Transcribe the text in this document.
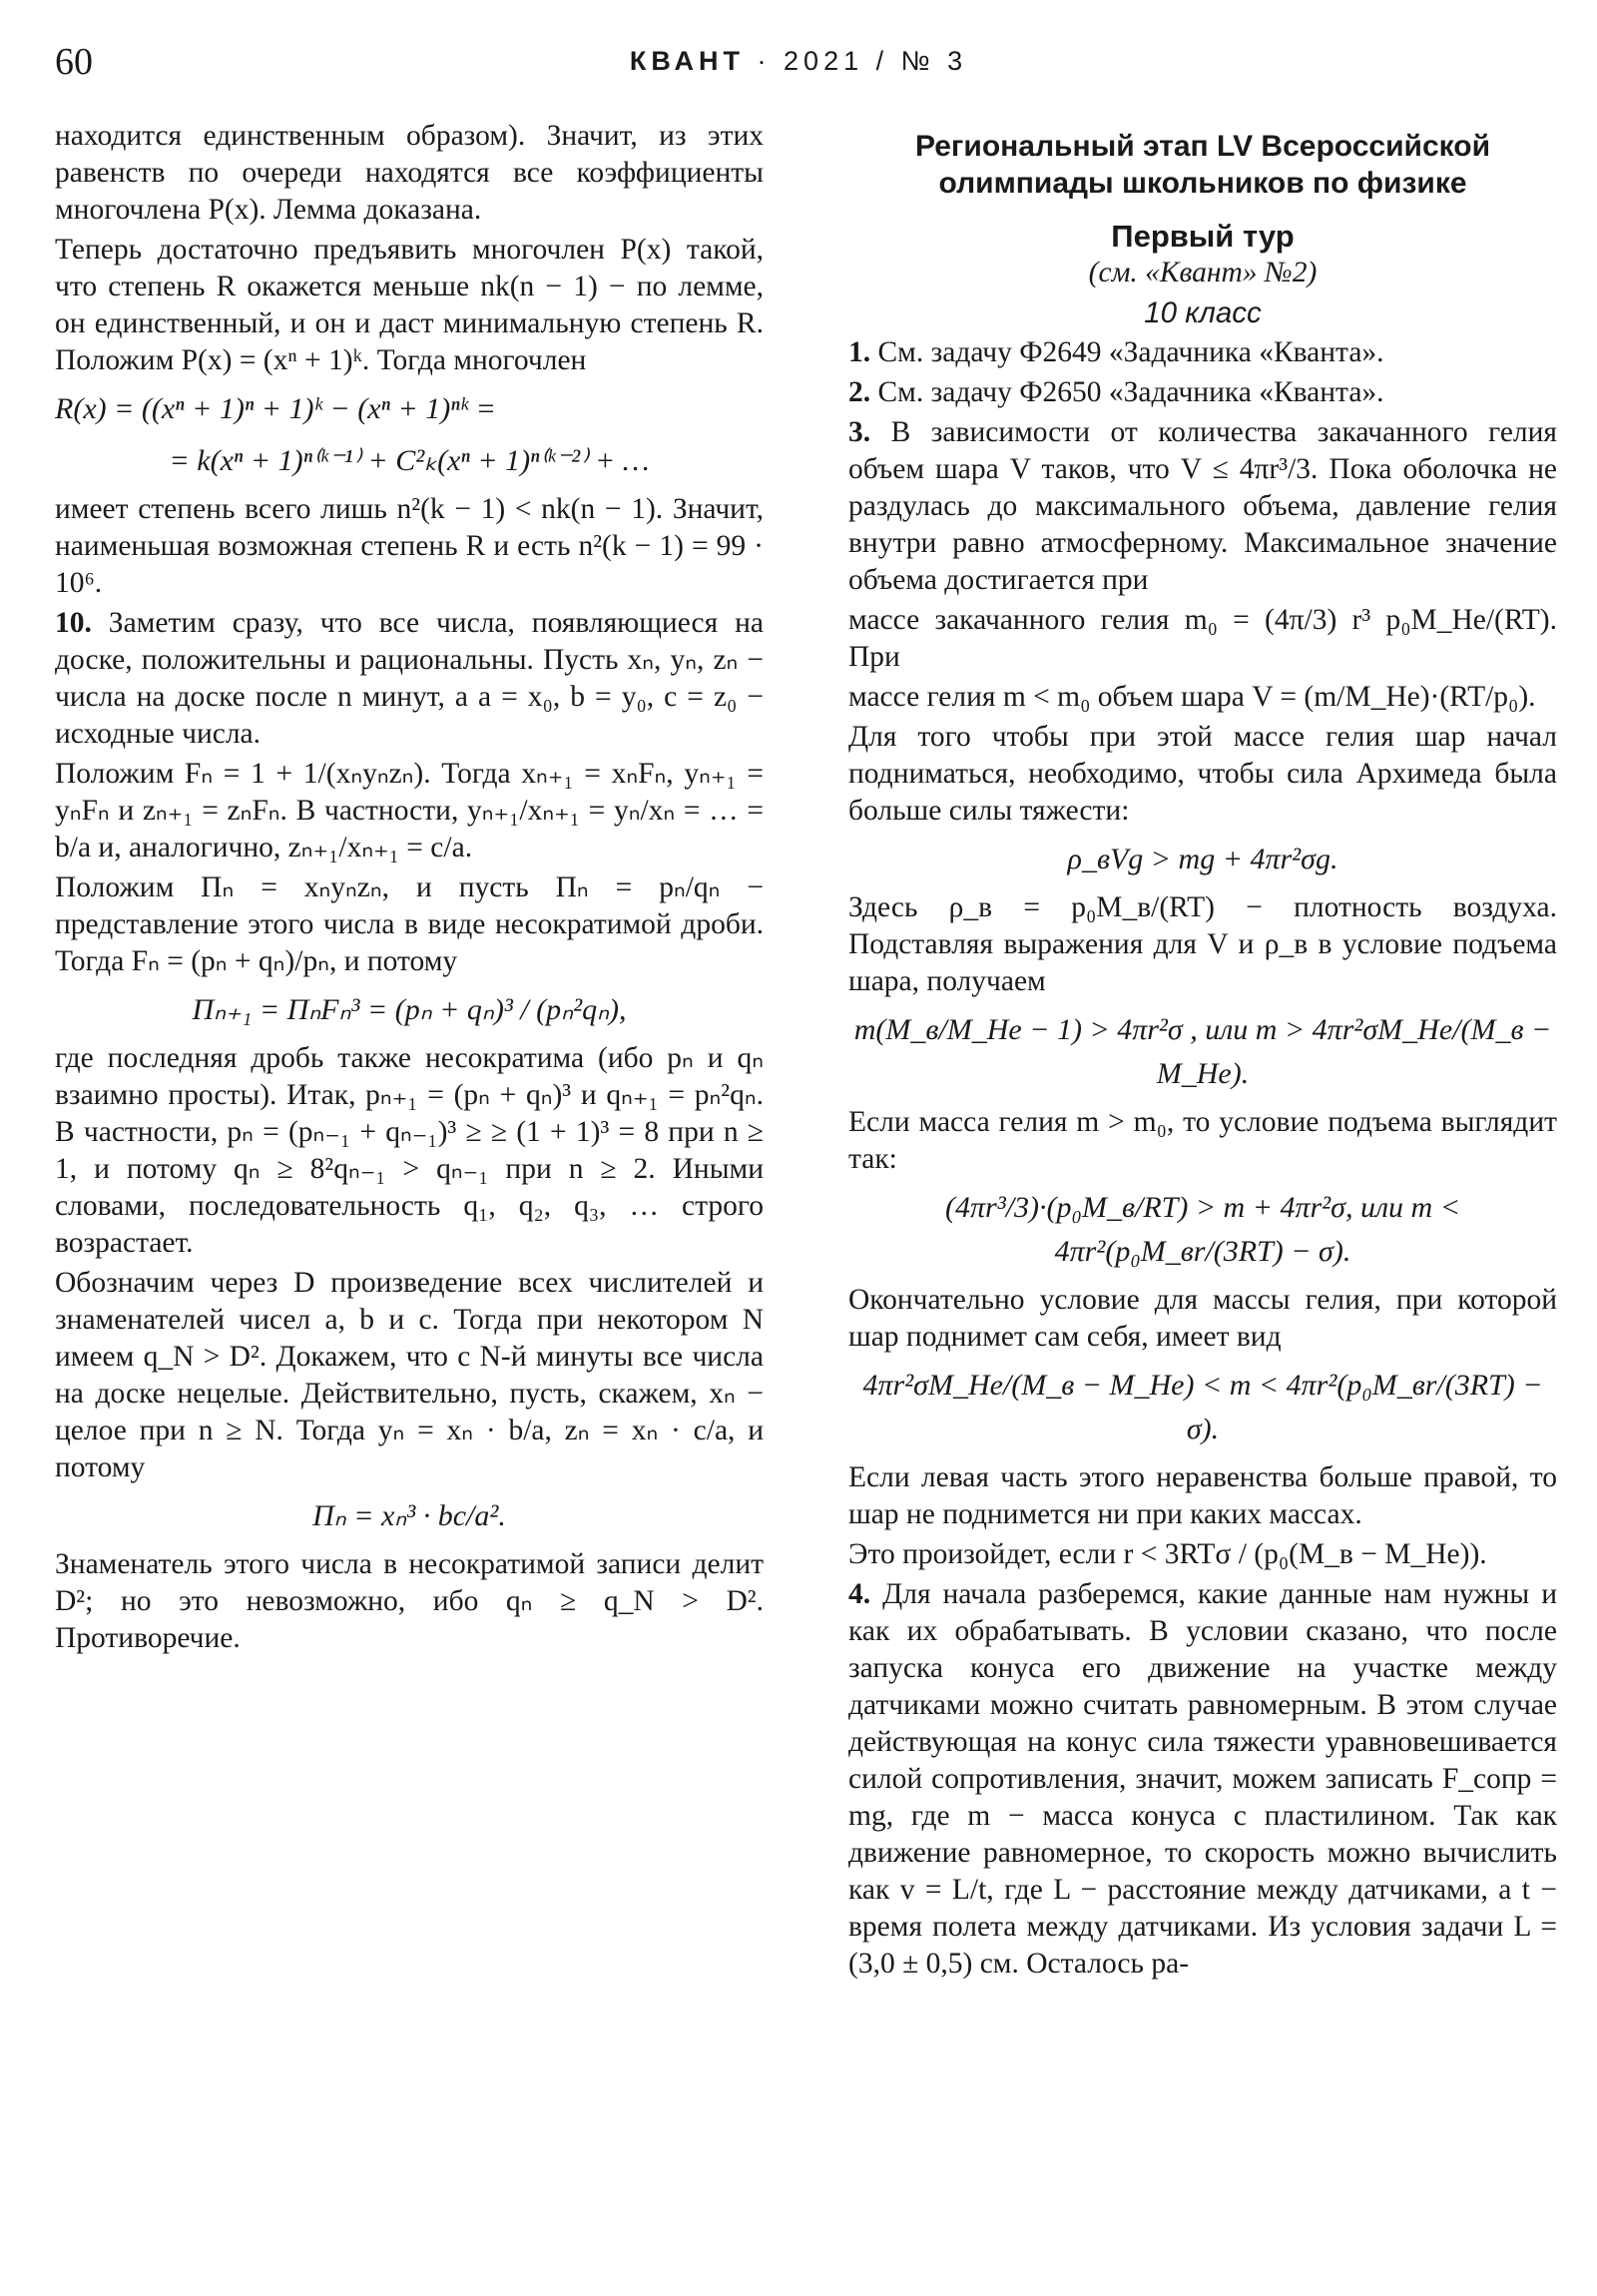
60	КВАНТ · 2021 / № 3

находится единственным образом). Значит, из этих равенств по очереди находятся все коэффициенты многочлена P(x). Лемма доказана.

Теперь достаточно предъявить многочлен P(x) такой, что степень R окажется меньше nk(n − 1) − по лемме, он единственный, и он и даст минимальную степень R. Положим P(x) = (xⁿ + 1)ᵏ. Тогда многочлен

R(x) = ((xⁿ + 1)ⁿ + 1)ᵏ − (xⁿ + 1)ⁿᵏ =
= k(xⁿ + 1)ⁿ⁽ᵏ⁻¹⁾ + C²ₖ(xⁿ + 1)ⁿ⁽ᵏ⁻²⁾ + …

имеет степень всего лишь n²(k − 1) < nk(n − 1). Значит, наименьшая возможная степень R и есть n²(k − 1) = 99 · 10⁶.

10. Заметим сразу, что все числа, появляющиеся на доске, положительны и рациональны. Пусть xₙ, yₙ, zₙ − числа на доске после n минут, а a = x₀, b = y₀, c = z₀ − исходные числа.

Положим Fₙ = 1 + 1/(xₙyₙzₙ). Тогда xₙ₊₁ = xₙFₙ, yₙ₊₁ = yₙFₙ и zₙ₊₁ = zₙFₙ. В частности, yₙ₊₁/xₙ₊₁ = yₙ/xₙ = … = b/a и, аналогично, zₙ₊₁/xₙ₊₁ = c/a.

Положим Πₙ = xₙyₙzₙ, и пусть Πₙ = pₙ/qₙ − представление этого числа в виде несократимой дроби. Тогда Fₙ = (pₙ + qₙ)/pₙ, и потому

Πₙ₊₁ = ΠₙFₙ³ = (pₙ + qₙ)³ / (pₙ²qₙ),

где последняя дробь также несократима (ибо pₙ и qₙ взаимно просты). Итак, pₙ₊₁ = (pₙ + qₙ)³ и qₙ₊₁ = pₙ²qₙ. В частности, pₙ = (pₙ₋₁ + qₙ₋₁)³ ≥ ≥ (1 + 1)³ = 8 при n ≥ 1, и потому qₙ ≥ 8²qₙ₋₁ > qₙ₋₁ при n ≥ 2. Иными словами, последовательность q₁, q₂, q₃, … строго возрастает.

Обозначим через D произведение всех числителей и знаменателей чисел a, b и c. Тогда при некотором N имеем q_N > D². Докажем, что с N-й минуты все числа на доске нецелые. Действительно, пусть, скажем, xₙ − целое при n ≥ N. Тогда yₙ = xₙ · b/a, zₙ = xₙ · c/a, и потому

Πₙ = xₙ³ · bc/a².

Знаменатель этого числа в несократимой записи делит D²; но это невозможно, ибо qₙ ≥ q_N > D². Противоречие.

Региональный этап LV Всероссийской олимпиады школьников по физике
Первый тур

(см. «Квант» №2)

10 класс

1. См. задачу Ф2649 «Задачника «Кванта».

2. См. задачу Ф2650 «Задачника «Кванта».

3. В зависимости от количества закачанного гелия объем шара V таков, что V ≤ 4πr³/3. Пока оболочка не раздулась до максимального объема, давление гелия внутри равно атмосферному. Максимальное значение объема достигается при

массе закачанного гелия m₀ = (4π/3) r³ p₀M_He/(RT). При

массе гелия m < m₀ объем шара V = (m/M_He)·(RT/p₀).

Для того чтобы при этой массе гелия шар начал подниматься, необходимо, чтобы сила Архимеда была больше силы тяжести:

ρ_вVg > mg + 4πr²σg.

Здесь ρ_в = p₀M_в/(RT) − плотность воздуха. Подставляя выражения для V и ρ_в в условие подъема шара, получаем

m(M_в/M_He − 1) > 4πr²σ , или m > 4πr²σM_He/(M_в − M_He).

Если масса гелия m > m₀, то условие подъема выглядит так:

(4πr³/3)·(p₀M_в/RT) > m + 4πr²σ, или m < 4πr²(p₀M_вr/(3RT) − σ).

Окончательно условие для массы гелия, при которой шар поднимет сам себя, имеет вид

4πr²σM_He/(M_в − M_He) < m < 4πr²(p₀M_вr/(3RT) − σ).

Если левая часть этого неравенства больше правой, то шар не поднимется ни при каких массах.

Это произойдет, если r < 3RTσ / (p₀(M_в − M_He)).

4. Для начала разберемся, какие данные нам нужны и как их обрабатывать. В условии сказано, что после запуска конуса его движение на участке между датчиками можно считать равномерным. В этом случае действующая на конус сила тяжести уравновешивается силой сопротивления, значит, можем записать F_сопр = mg, где m − масса конуса с пластилином. Так как движение равномерное, то скорость можно вычислить как v = L/t, где L − расстояние между датчиками, а t − время полета между датчиками. Из условия задачи L = (3,0 ± 0,5) см. Осталось ра-
